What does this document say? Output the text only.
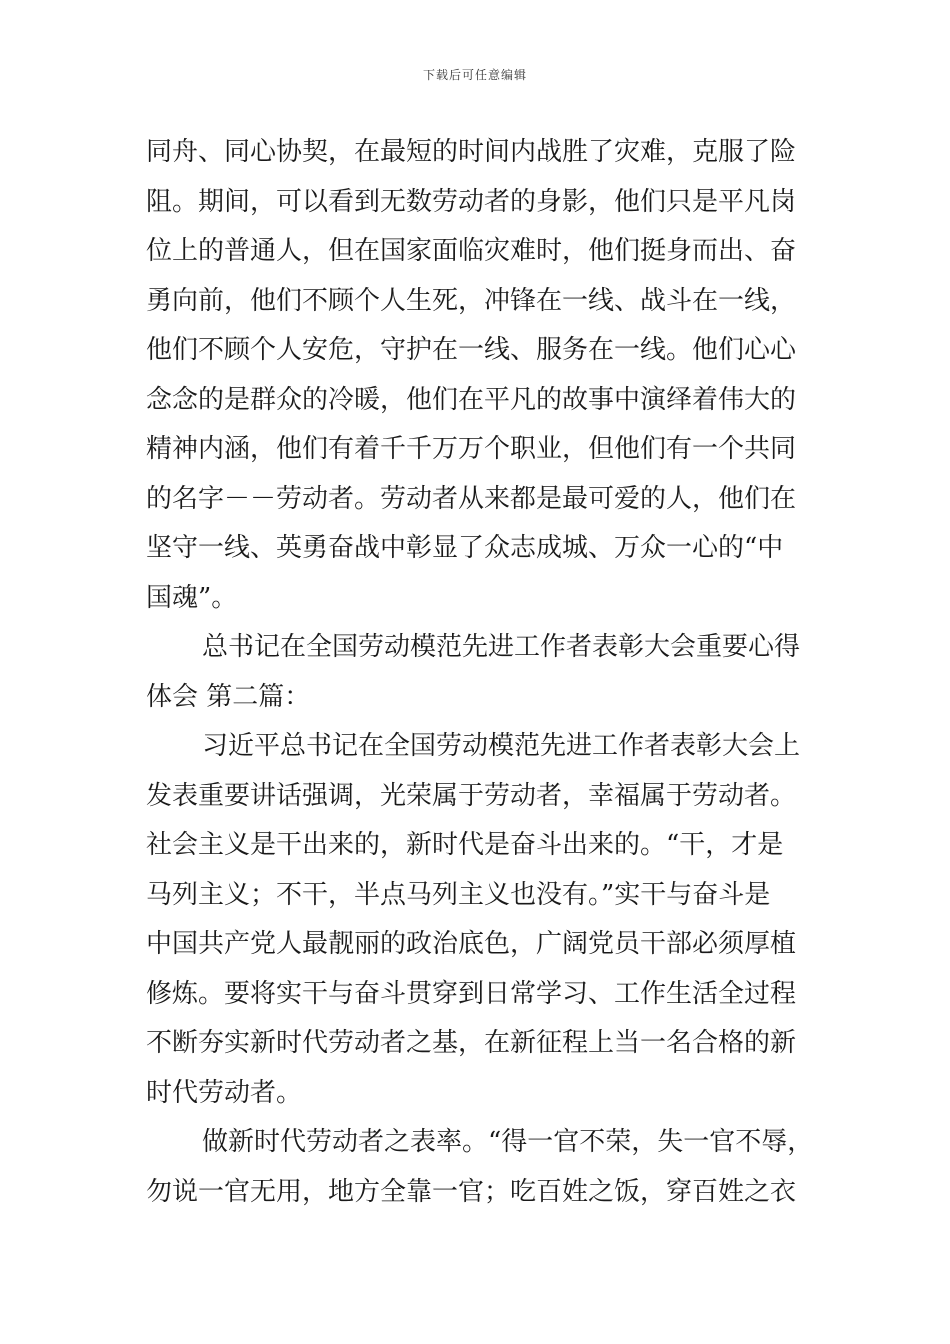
下载后可任意编辑
同舟、同心协契，在最短的时间内战胜了灾难，克服了险
阻。期间，可以看到无数劳动者的身影，他们只是平凡岗
位上的普通人，但在国家面临灾难时，他们挺身而出、奋
勇向前，他们不顾个人生死，冲锋在一线、战斗在一线，
他们不顾个人安危，守护在一线、服务在一线。他们心心
念念的是群众的冷暖，他们在平凡的故事中演绎着伟大的
精神内涵，他们有着千千万万个职业，但他们有一个共同
的名字－－劳动者。劳动者从来都是最可爱的人，他们在
坚守一线、英勇奋战中彰显了众志成城、万众一心的“中
国魂”。
总书记在全国劳动模范先进工作者表彰大会重要心得
体会 第二篇：
习近平总书记在全国劳动模范先进工作者表彰大会上
发表重要讲话强调，光荣属于劳动者，幸福属于劳动者。
社会主义是干出来的，新时代是奋斗出来的。“干，才是
马列主义；不干，半点马列主义也没有。”实干与奋斗是
中国共产党人最靓丽的政治底色，广阔党员干部必须厚植
修炼。要将实干与奋斗贯穿到日常学习、工作生活全过程
不断夯实新时代劳动者之基，在新征程上当一名合格的新
时代劳动者。
做新时代劳动者之表率。“得一官不荣，失一官不辱，
勿说一官无用，地方全靠一官；吃百姓之饭，穿百姓之衣
